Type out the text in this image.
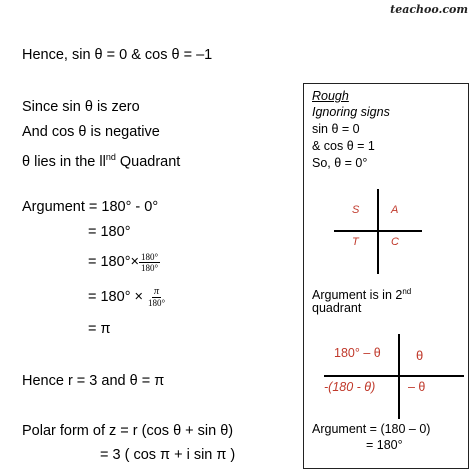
teachoo.com
Hence, sin θ = 0 & cos θ = –1
Since sin θ is zero
And cos θ is negative
θ lies in the $ll^{nd}$ Quadrant
Argument = 180° - 0°
= 180°
= $180^\circ\times \frac{180^\circ}{180^\circ}$
= $180^\circ \times \frac{\pi}{180^\circ}$
= π
Hence r = 3 and θ = π
Polar form of z = r (cos θ + sin θ)
= 3 ( cos π + i sin π )
Rough
Ignoring signs
sin θ = 0
& cos θ = 1
So, θ = 0°
S	A
T	C
Argument is in 2nd
quadrant
180° – θ	θ
-(180 - θ)	– θ
Argument = (180 – 0)
= 180°
